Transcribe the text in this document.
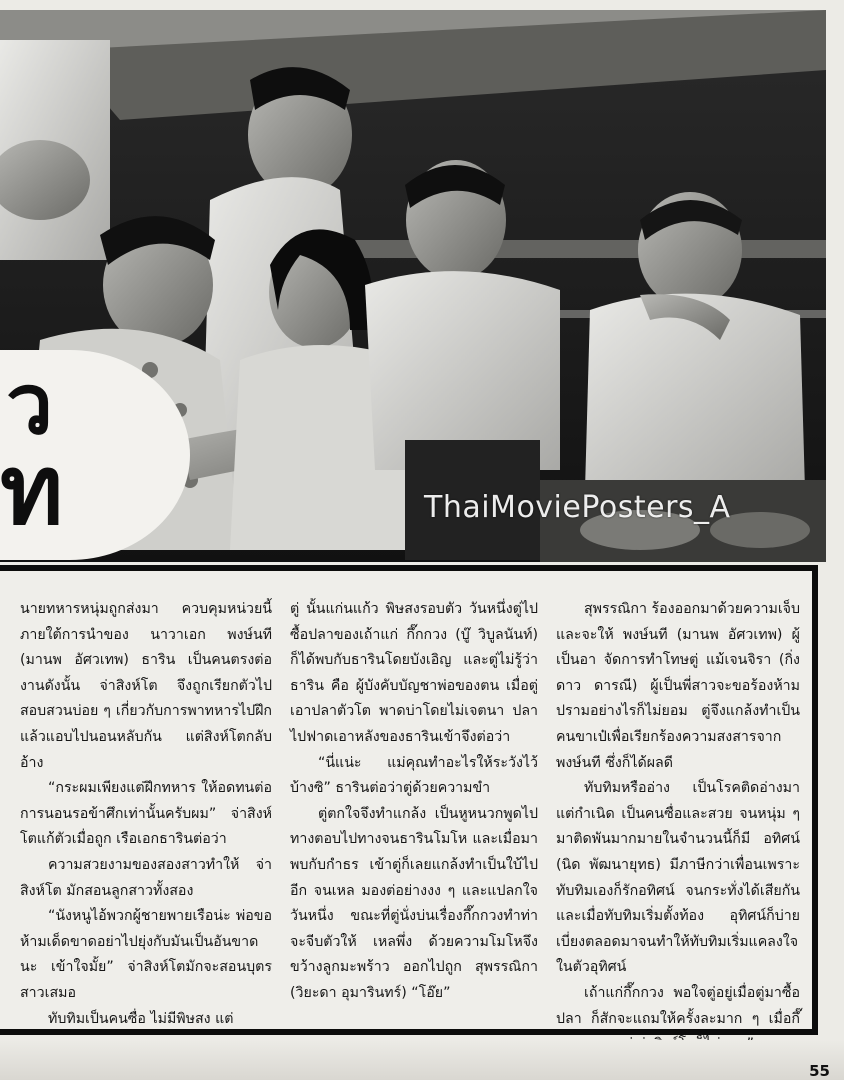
ว
ท	ThaiMoviePosters_A

นายทหารหนุ่มถูกส่งมา ควบคุมหน่วยนี้ ภายใต้การนำของ นาวาเอก พงษ์นที (มานพ อัศวเทพ) ธาริน เป็นคนตรงต่องานดังนั้น จ่าสิงห์โต จึงถูกเรียกตัวไปสอบสวนบ่อย ๆ เกี่ยวกับการพาทหารไปฝึกแล้วแอบไปนอนหลับกัน แต่สิงห์โตกลับอ้าง

“กระผมเพียงแต่ฝึกทหาร ให้อดทนต่อการนอนรอข้าศึกเท่านั้นครับผม” จ่าสิงห์โตแก้ตัวเมื่อถูก เรือเอกธารินต่อว่า

ความสวยงามของสองสาวทำให้ จ่าสิงห์โต มักสอนลูกสาวทั้งสอง

“นังหนูไอ้พวกผู้ชายพายเรือน่ะ พ่อขอห้ามเด็ดขาดอย่าไปยุ่งกับมันเป็นอันขาดนะ เข้าใจมั้ย” จ่าสิงห์โตมักจะสอนบุตรสาวเสมอ

ทับทิมเป็นคนซื่อ ไม่มีพิษสง แต่

ตู่ นั้นแก่นแก้ว พิษสงรอบตัว วันหนึ่งตู่ไปซื้อปลาของเถ้าแก่ กึ๊กกวง (บู๊ วิบูลนันท์) ก็ได้พบกับธารินโดยบังเอิญ และตู่ไม่รู้ว่า ธาริน คือ ผู้บังคับบัญชาพ่อของตน เมื่อตู่เอาปลาตัวโต พาดบ่าโดยไม่เจตนา ปลาไปฟาดเอาหลังของธารินเข้าจึงต่อว่า

“นี่แน่ะ แม่คุณทำอะไรให้ระวังไว้บ้างซิ” ธารินต่อว่าตู่ด้วยความขำ

ตู่ตกใจจึงทำแกล้ง เป็นหูหนวกพูดไปทางตอบไปทางจนธารินโมโห และเมื่อมาพบกับกำธร เข้าตู่ก็เลยแกล้งทำเป็นใบ้ไปอีก จนเหล มองต่อย่างงง ๆ และแปลกใจ วันหนึ่ง ขณะที่ตู่นั่งบ่นเรื่องกึ๊กกวงทำท่าจะจีบตัวให้ เหลพึ่ง ด้วยความโมโหจึงขว้างลูกมะพร้าว ออกไปถูก สุพรรณิกา (วิยะดา อุมารินทร์) “โอ๊ย”

สุพรรณิกา ร้องออกมาด้วยความเจ็บและจะให้ พงษ์นที (มานพ อัศวเทพ) ผู้เป็นอา จัดการทำโทษตู่ แม้เจนจิรา (กิ่งดาว ดารณี) ผู้เป็นพี่สาวจะขอร้องห้ามปรามอย่างไรก็ไม่ยอม ตู่จึงแกล้งทำเป็นคนขาเป๋เพื่อเรียกร้องความสงสารจากพงษ์นที ซึ่งก็ได้ผลดี

ทับทิมหรืออ่าง เป็นโรคติดอ่างมาแต่กำเนิด เป็นคนซื่อและสวย จนหนุ่ม ๆ มาติดพันมากมายในจำนวนนี้ก็มี อทิศน์ (นิด พัฒนายุทธ) มีภาษีกว่าเพื่อนเพราะทับทิมเองก็รักอทิศน์ จนกระทั่งได้เสียกันและเมื่อทับทิมเริ่มตั้งท้อง อุทิศน์ก็บ่ายเบี่ยงตลอดมาจนทำให้ทับทิมเริ่มแคลงใจในตัวอุทิศน์

เถ้าแก่กึ๊กกวง พอใจตู่อยู่เมื่อตู่มาซื้อปลา ก็สักจะแถมให้ครั้งละมาก ๆ เมื่อกึ๊

55
